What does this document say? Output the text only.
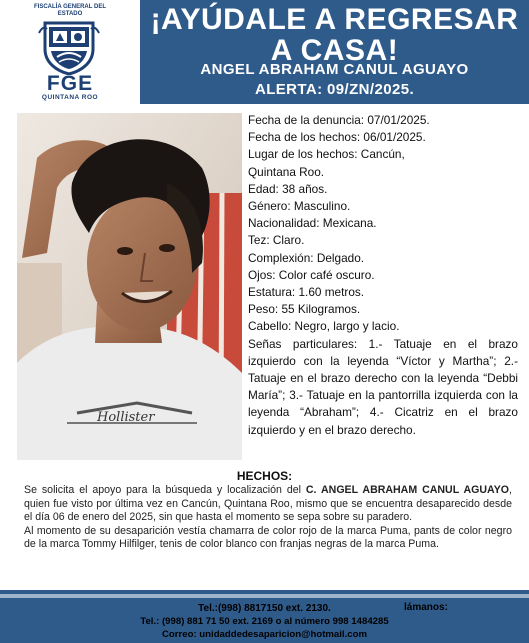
FISCALÍA GENERAL DEL ESTADO
FGE
QUINTANA ROO
¡AYÚDALE A REGRESAR
A CASA!
ANGEL ABRAHAM CANUL AGUAYO
ALERTA: 09/ZN/2025.
Hollister
Fecha de la denuncia: 07/01/2025.
Fecha de los hechos: 06/01/2025.
Lugar de los hechos: Cancún,
Quintana Roo.
Edad: 38 años.
Género: Masculino.
Nacionalidad: Mexicana.
Tez: Claro.
Complexión: Delgado.
Ojos: Color café oscuro.
Estatura: 1.60 metros.
Peso: 55 Kilogramos.
Cabello: Negro, largo y lacio.
Señas particulares: 1.- Tatuaje en el brazo izquierdo con la leyenda “Víctor y Martha”; 2.- Tatuaje en el brazo derecho con la leyenda “Debbi María”; 3.- Tatuaje en la pantorrilla izquierda con la leyenda “Abraham”; 4.- Cicatriz en el brazo izquierdo y en el brazo derecho.
HECHOS:

Se solicita el apoyo para la búsqueda y localización del C. ANGEL ABRAHAM CANUL AGUAYO, quien fue visto por última vez en Cancún, Quintana Roo, mismo que se encuentra desaparecido desde el día 06 de enero del 2025, sin que hasta el momento se sepa sobre su paradero.

Al momento de su desaparición vestía chamarra de color rojo de la marca Puma, pants de color negro de la marca Tommy Hilfilger, tenis de color blanco con franjas negras de la marca Puma.

Tel.:(998) 8817150 ext. 2130.	lámanos:
Tel.: (998) 881 71 50 ext. 2169 o al número 998 1484285
Correo: unidaddedesaparicion@hotmail.com
